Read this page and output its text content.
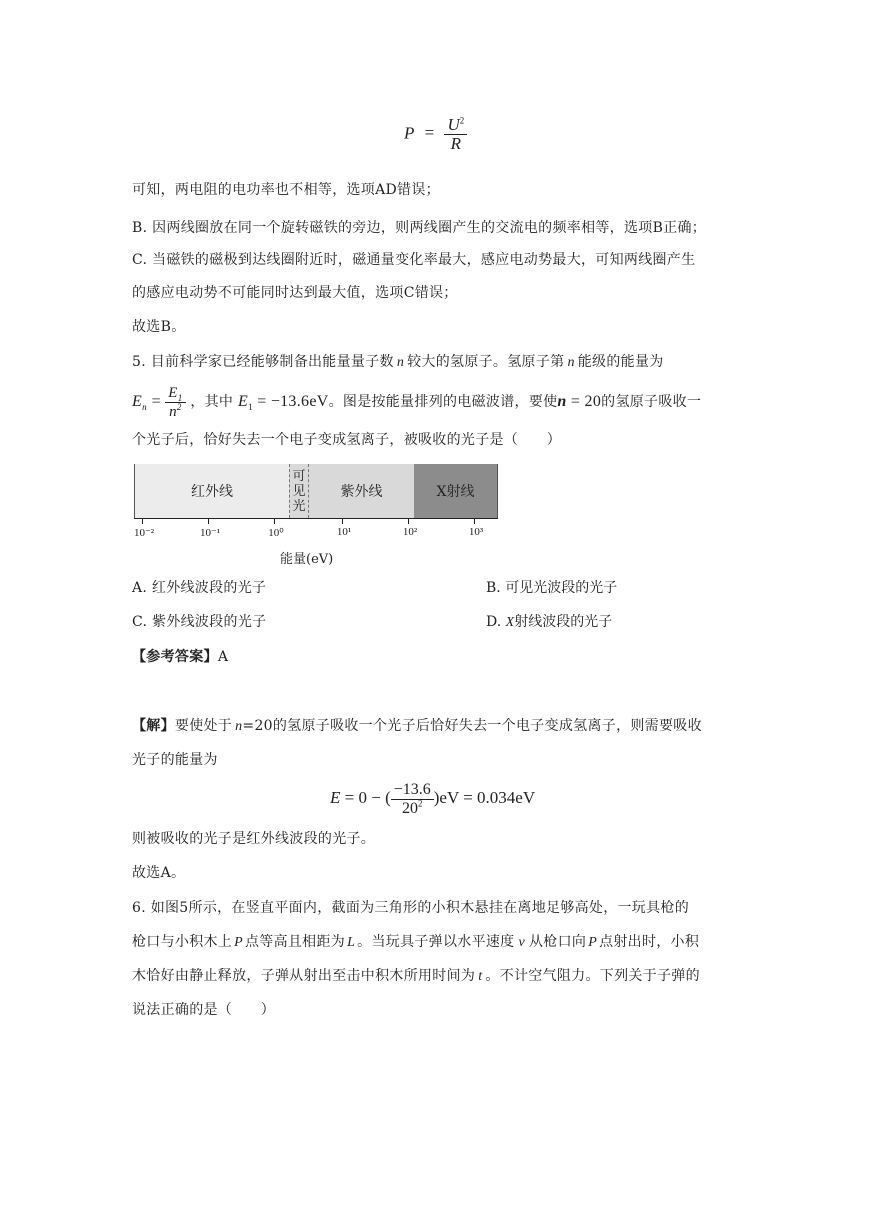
$P = \frac{U^2}{R}$
可知，两电阻的电功率也不相等，选项AD错误；
B. 因两线圈放在同一个旋转磁铁的旁边，则两线圈产生的交流电的频率相等，选项B正确；
C. 当磁铁的磁极到达线圈附近时，磁通量变化率最大，感应电动势最大，可知两线圈产生
的感应电动势不可能同时达到最大值，选项C错误；
故选B。
5. 目前科学家已经能够制备出能量量子数 n 较大的氢原子。氢原子第 n 能级的能量为
$E_n = \frac{E_1}{n^2}$ ，其中 $E_1 = -13.6eV$。图是按能量排列的电磁波谱，要使n = 20的氢原子吸收一
个光子后，恰好失去一个电子变成氢离子，被吸收的光子是（　　）
红外线
可
见
光
紫外线	X射线
10⁻²	10⁻¹	10⁰	10¹	10²	10³
能量(eV)
A. 红外线波段的光子	B. 可见光波段的光子
C. 紫外线波段的光子	D. X射线波段的光子
【参考答案】A
【解】要使处于 n=20的氢原子吸收一个光子后恰好失去一个电子变成氢离子，则需要吸收
光子的能量为
E = 0 − ( $\frac{-13.6}{20^2} )eV = 0.034eV$
则被吸收的光子是红外线波段的光子。
故选A。
6. 如图5所示，在竖直平面内，截面为三角形的小积木悬挂在离地足够高处，一玩具枪的
枪口与小积木上 P 点等高且相距为 L 。当玩具子弹以水平速度 v 从枪口向 P 点射出时，小积
木恰好由静止释放，子弹从射出至击中积木所用时间为 t 。不计空气阻力。下列关于子弹的
说法正确的是（　　）
